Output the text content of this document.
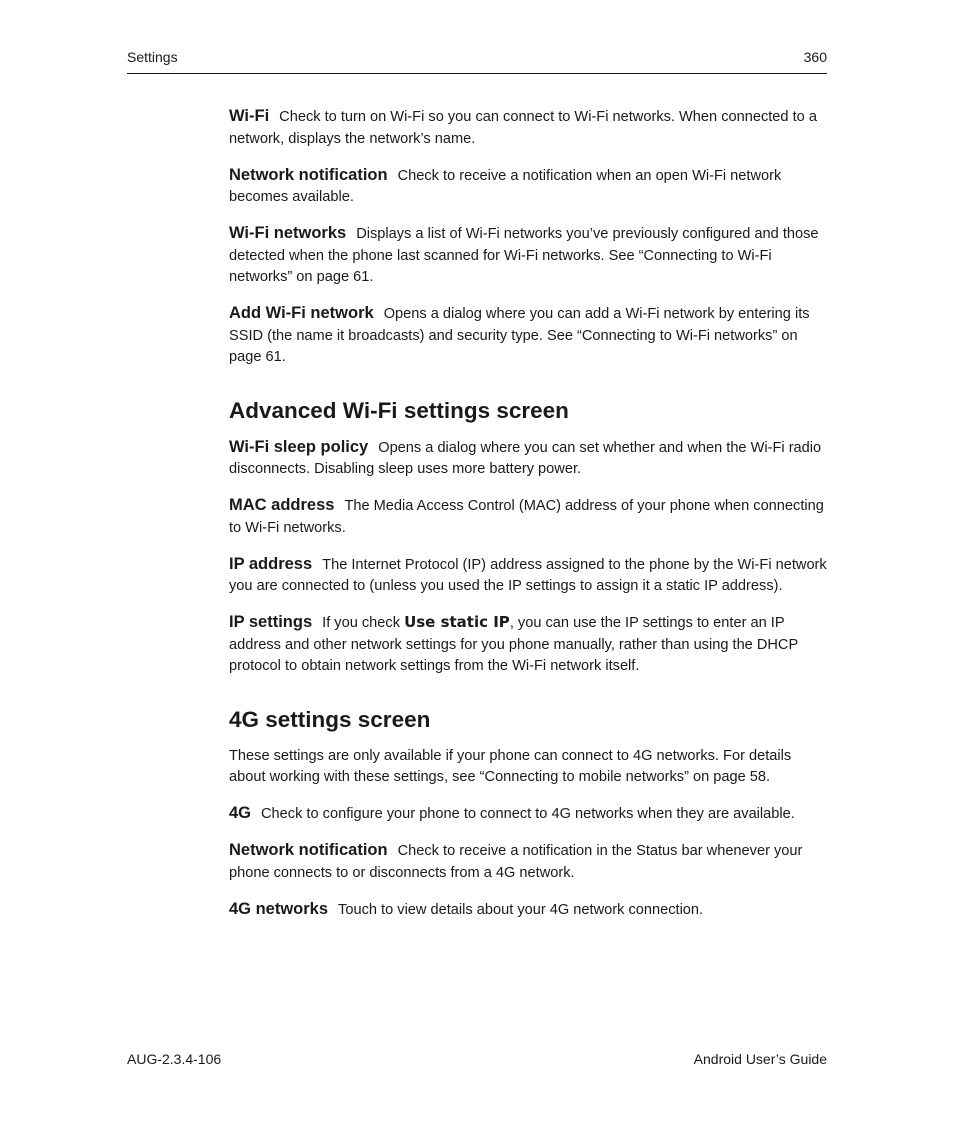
Settings	360

Wi-Fi Check to turn on Wi-Fi so you can connect to Wi-Fi networks. When connected to a network, displays the network’s name.

Network notification Check to receive a notification when an open Wi-Fi network becomes available.

Wi-Fi networks Displays a list of Wi-Fi networks you’ve previously configured and those detected when the phone last scanned for Wi-Fi networks. See “Connecting to Wi-Fi networks” on page 61.

Add Wi-Fi network Opens a dialog where you can add a Wi-Fi network by entering its SSID (the name it broadcasts) and security type. See “Connecting to Wi-Fi networks” on page 61.

Advanced Wi-Fi settings screen

Wi-Fi sleep policy Opens a dialog where you can set whether and when the Wi-Fi radio disconnects. Disabling sleep uses more battery power.

MAC address The Media Access Control (MAC) address of your phone when connecting to Wi-Fi networks.

IP address The Internet Protocol (IP) address assigned to the phone by the Wi-Fi network you are connected to (unless you used the IP settings to assign it a static IP address).

IP settings If you check Use static IP, you can use the IP settings to enter an IP address and other network settings for you phone manually, rather than using the DHCP protocol to obtain network settings from the Wi-Fi network itself.

4G settings screen

These settings are only available if your phone can connect to 4G networks. For details about working with these settings, see “Connecting to mobile networks” on page 58.

4G Check to configure your phone to connect to 4G networks when they are available.

Network notification Check to receive a notification in the Status bar whenever your phone connects to or disconnects from a 4G network.

4G networks Touch to view details about your 4G network connection.

AUG-2.3.4-106	Android User’s Guide
